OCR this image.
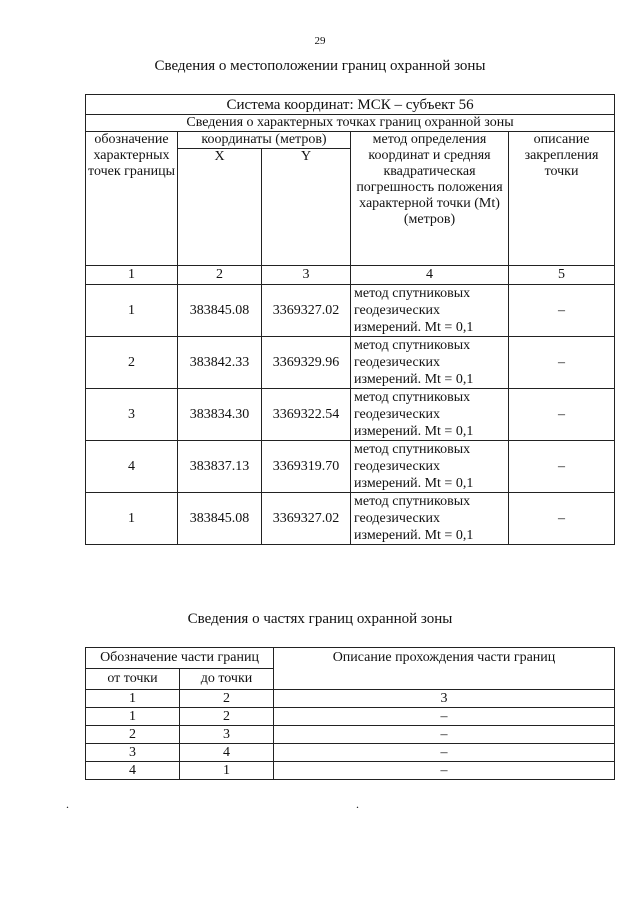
29
Сведения о местоположении границ охранной зоны
Система координат: МСК – субъект 56				
Сведения о характерных точках границ охранной зоны				
обозначение характерных точек границы	координаты (метров)		метод определения координат и средняя квадратическая погрешность положения характерной точки (Mt) (метров)	описание закрепления точки
	X	Y		
1	2	3	4	5
1	383845.08	3369327.02	метод спутниковых геодезических измерений. Mt = 0,1	–
2	383842.33	3369329.96	метод спутниковых геодезических измерений. Mt = 0,1	–
3	383834.30	3369322.54	метод спутниковых геодезических измерений. Mt = 0,1	–
4	383837.13	3369319.70	метод спутниковых геодезических измерений. Mt = 0,1	–
1	383845.08	3369327.02	метод спутниковых геодезических измерений. Mt = 0,1	–
Сведения о частях границ охранной зоны
Обозначение части границ		Описание прохождения части границ
от точки	до точки	
1	2	3
1	2	–
2	3	–
3	4	–
4	1	–
.	.
